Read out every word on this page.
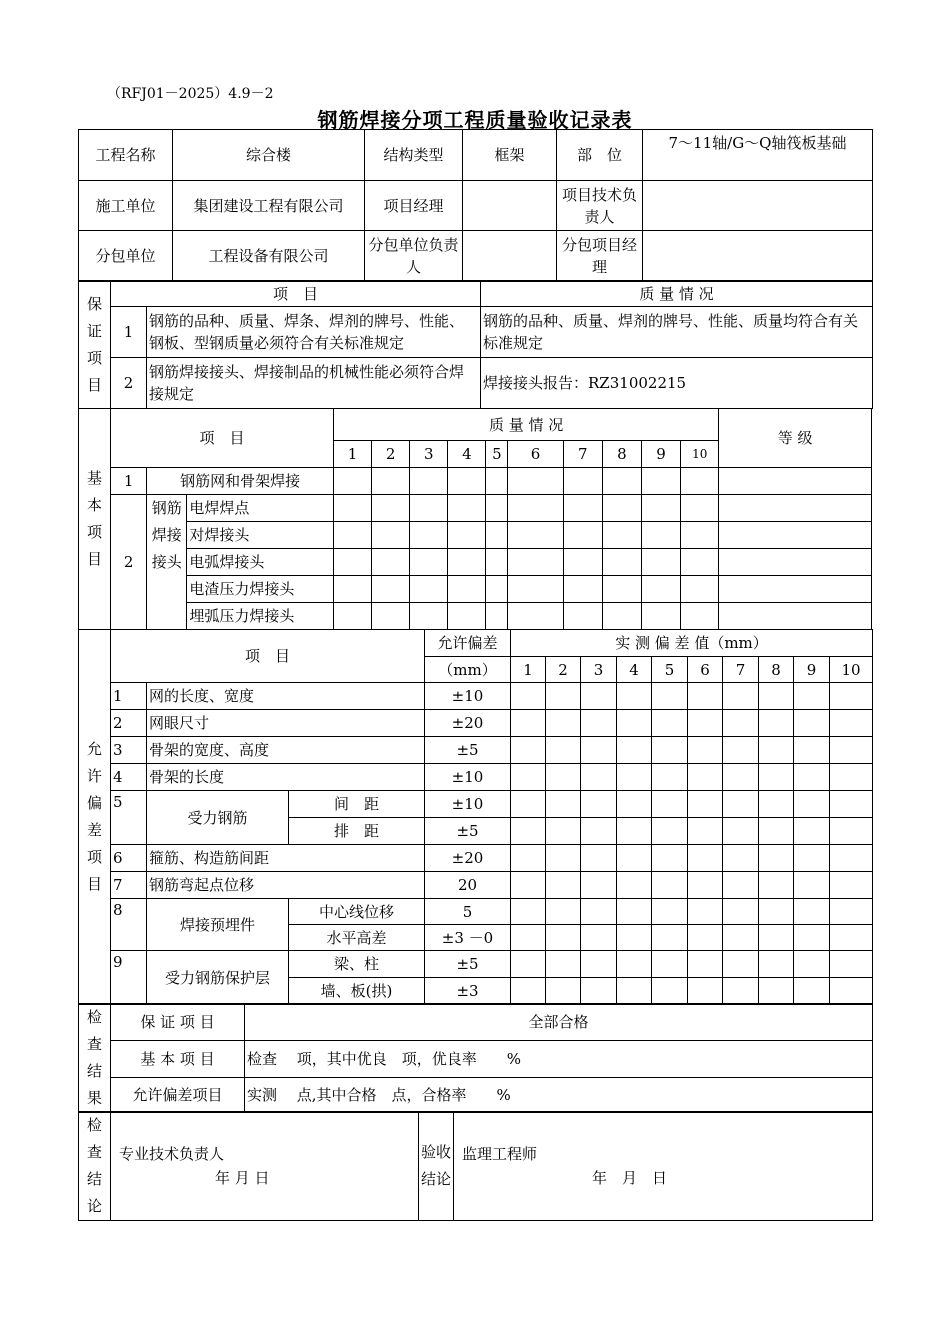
（RFJ01－2025）4.9－2
钢筋焊接分项工程质量验收记录表
工程名称	综合楼	结构类型	框架	部　位	7～11轴/G～Q轴筏板基础
施工单位	集团建设工程有限公司	项目经理		项目技术负责人	
分包单位	工程设备有限公司	分包单位负责人		分包项目经　理	
保证项目	项　目		质 量 情 况
	1	钢筋的品种、质量、焊条、焊剂的牌号、性能、钢板、型钢质量必须符合有关标准规定	钢筋的品种、质量、焊剂的牌号、性能、质量均符合有关标准规定
	2	钢筋焊接接头、焊接制品的机械性能必须符合焊接规定	焊接接头报告：RZ31002215
基本项目	项　目			质 量 情 况										等 级
				1	2	3	4	5	6	7	8	9	10	
	1	钢筋网和骨架焊接												
	2	钢筋焊接接头	电焊焊点											
			对焊接头											
			电弧焊接头											
			电渣压力焊接头											
			埋弧压力焊接头											
允许偏差项目	项　目			允许偏差	实 测 偏 差 值（mm）									
				（mm）	1	2	3	4	5	6	7	8	9	10
	1	网的长度、宽度		±10										
	2	网眼尺寸		±20										
	3	骨架的宽度、高度		±5										
	4	骨架的长度		±10										
	5	受力钢筋	间　距	±10										
			排　距	±5										
	6	箍筋、构造筋间距		±20										
	7	钢筋弯起点位移		20										
	8	焊接预埋件	中心线位移	5										
			水平高差	±3 －0										
	9	受力钢筋保护层	梁、柱	±5										
			墙、板(拱)	±3										
检查结果	保 证 项 目	全部合格
	基 本 项 目	检查　 项，其中优良　项，优良率　　%
	允许偏差项目	实测　 点,其中合格　点，合格率　　%
检查结论	
专业技术负责人
年 月 日
	验收结论	
监理工程师
年　月　日
